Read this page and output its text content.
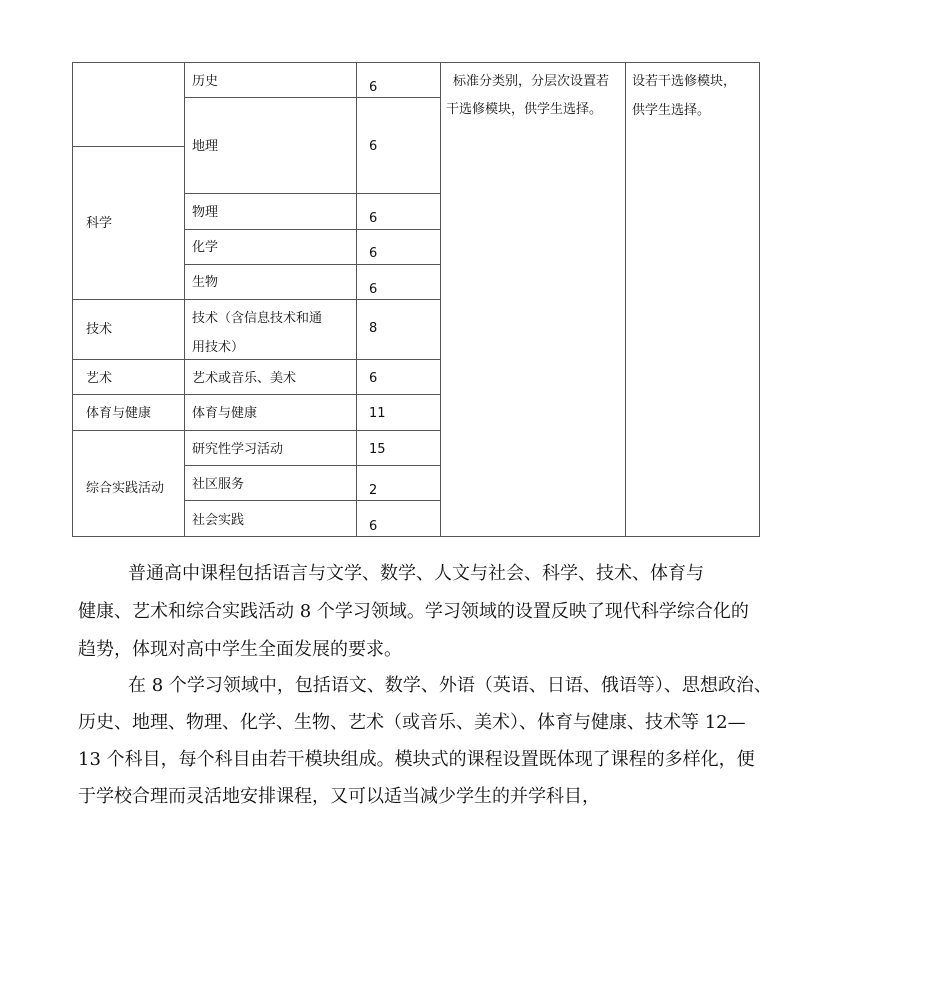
科学
技术
艺术
体育与健康
综合实践活动
历史
地理
物理
化学
生物
技术（含信息技术和通
用技术）
艺术或音乐、美术
体育与健康
研究性学习活动
社区服务
社会实践
6
6
6
6
6
8
6
11
15
2
6
标准分类别，分层次设置若干选修模块，供学生选择。
设若干选修模块，
供学生选择。
普通高中课程包括语言与文学、数学、人文与社会、科学、技术、体育与
健康、艺术和综合实践活动 8 个学习领域。学习领域的设置反映了现代科学综合化的
趋势，体现对高中学生全面发展的要求。
在 8 个学习领域中，包括语文、数学、外语（英语、日语、俄语等）、思想政治、
历史、地理、物理、化学、生物、艺术（或音乐、美术）、体育与健康、技术等 12—
13 个科目，每个科目由若干模块组成。模块式的课程设置既体现了课程的多样化，便
于学校合理而灵活地安排课程，又可以适当减少学生的并学科目，
